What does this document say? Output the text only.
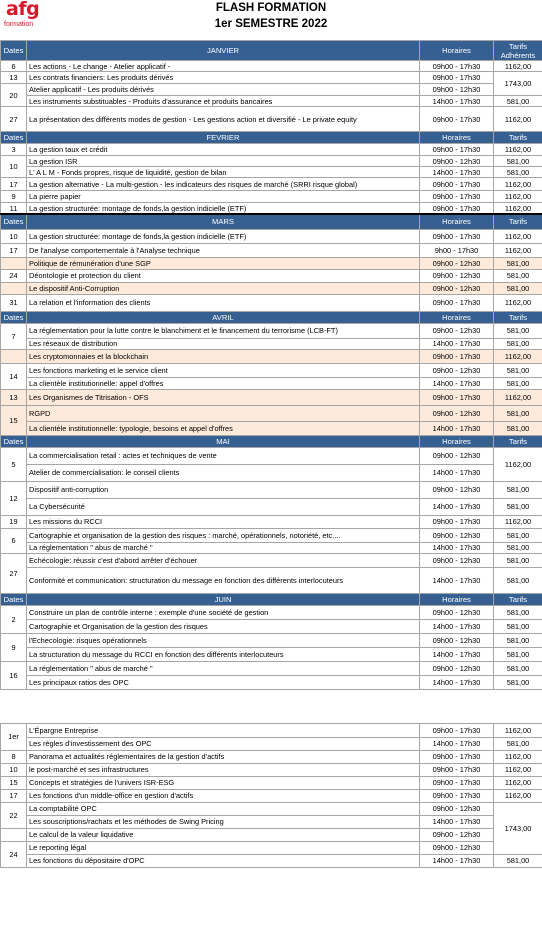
afg
formation
FLASH FORMATION
1er SEMESTRE 2022
Dates	JANVIER	Horaires	Tarifs Adhérents
6	Les actions - Le change - Atelier applicatif -	09h00 - 17h30	1162,00
13	Les contrats financiers: Les produits dérivés	09h00 - 17h30	1743,00
20	Atelier applicatif - Les produits dérivés	09h00 - 12h30	
	Les instruments substituables - Produits d'assurance et produits bancaires	14h00 - 17h30	581,00
27	La présentation des différents modes de gestion - Les gestions action et diversifié - Le private equity	09h00 - 17h30	1162,00
Dates	FEVRIER	Horaires	Tarifs
3	La gestion taux et crédit	09h00 - 17h30	1162,00
10	La gestion ISR	09h00 - 12h30	581,00
	L' A L M - Fonds propres, risque de liquidité, gestion de bilan	14h00 - 17h30	581,00
17	La gestion alternative - La multi-gestion - les indicateurs des risques de marché (SRRI risque global)	09h00 - 17h30	1162,00
9	La pierre papier	09h00 - 17h30	1162,00
11	La gestion structurée: montage de fonds,la gestion indicielle (ETF)	09h00 - 17h30	1162,00
Dates	MARS	Horaires	Tarifs
10	La gestion structurée: montage de fonds,la gestion indicielle (ETF)	09h00 - 17h30	1162,00
17	De l'analyse comportementale à l'Analyse technique	9h00 - 17h30	1162,00
	Politique de rémunération d'une SGP	09h00 - 12h30	581,00
24	Déontologie et protection du client	09h00 - 12h30	581,00
	Le dispositif Anti-Corruption	09h00 - 12h30	581,00
31	La relation et l'information des clients	09h00 - 17h30	1162,00
Dates	AVRIL	Horaires	Tarifs
7	La réglementation pour la lutte contre le blanchiment et le financement du terrorisme (LCB-FT)	09h00 - 12h30	581,00
	Les réseaux de distribution	14h00 - 17h30	581,00
	Les cryptomonnaies et la blockchain	09h00 - 17h30	1162,00
14	Les fonctions marketing et le service client	09h00 - 12h30	581,00
	La clientèle institutionnelle: appel d'offres	14h00 - 17h30	581,00
13	Les Organismes de Titrisation - OFS	09h00 - 17h30	1162,00
15	RGPD	09h00 - 12h30	581,00
	La clientèle institutionnelle: typologie, besoins et appel d'offres	14h00 - 17h30	581,00
Dates	MAI	Horaires	Tarifs
5	La commercialisation retail : actes et techniques de vente	09h00 - 12h30	1162,00
	Atelier de commercialisation: le conseil clients	14h00 - 17h30	
12	Dispositif anti-corruption	09h00 - 12h30	581,00
	La Cybersécurité	14h00 - 17h30	581,00
19	Les missions du RCCI	09h00 - 17h30	1162,00
6	Cartographie et organisation de la gestion des risques : marché, opérationnels, notoriété, etc....	09h00 - 12h30	581,00
	La réglementation " abus de marché "	14h00 - 17h30	581,00
27	Echécologie: réussir c'est d'abord arrêter d'échouer	09h00 - 12h30	581,00
	Conformité et communication: structuration du message en fonction des différents interlocuteurs	14h00 - 17h30	581,00
Dates	JUIN	Horaires	Tarifs
2	Construire un plan de contrôle interne : exemple d'une société de gestion	09h00 - 12h30	581,00
	Cartographie et Organisation de la gestion des risques	14h00 - 17h30	581,00
9	l'Echecologie: risques opérationnels	09h00 - 12h30	581,00
	La structuration du message du RCCI en fonction des différents interlocuteurs	14h00 - 17h30	581,00
16	La réglementation " abus de marché "	09h00 - 12h30	581,00
	Les principaux ratios des OPC	14h00 - 17h30	581,00

1er	L'Épargne Entreprise	09h00 - 17h30	1162,00
	Les règles d'investissement des OPC	14h00 - 17h30	581,00
8	Panorama et actualités réglementaires de la gestion d'actifs	09h00 - 17h30	1162,00
10	le post-marché et ses infrastructures	09h00 - 17h30	1162,00
15	Concepts et stratégies de l'univers ISR-ESG	09h00 - 17h30	1162,00
17	Les fonctions d'un middle-office en gestion d'actifs	09h00 - 17h30	1162,00
22	La comptabilité OPC	09h00 - 12h30	1743,00
	Les souscriptions/rachats et les méthodes de Swing Pricing	14h00 - 17h30	
	Le calcul de la valeur liquidative	09h00 - 12h30	
24	Le reporting légal	09h00 - 12h30	
	Les fonctions du dépositaire d'OPC	14h00 - 17h30	581,00
